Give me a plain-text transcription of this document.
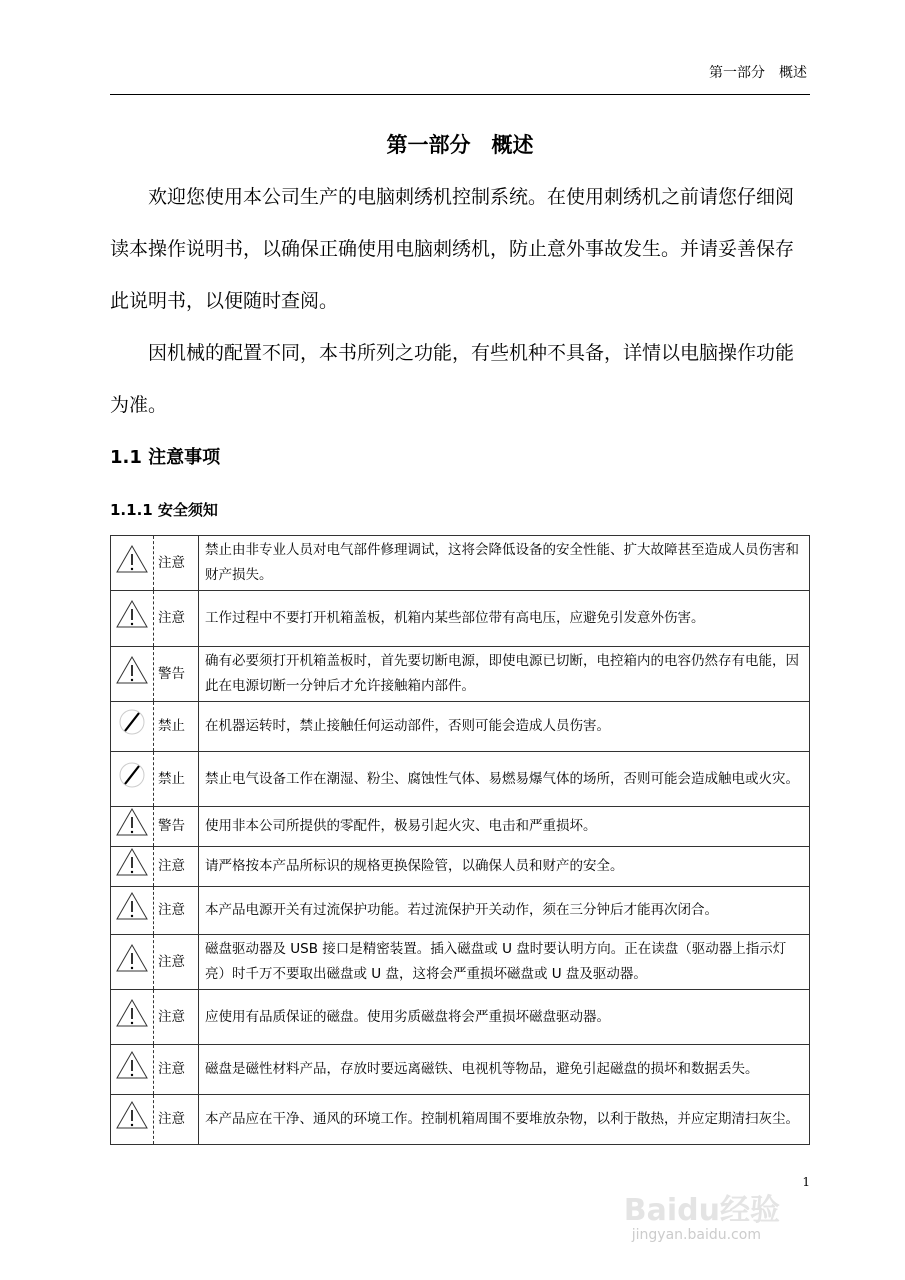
第一部分　概述
第一部分　概述

欢迎您使用本公司生产的电脑刺绣机控制系统。在使用刺绣机之前请您仔细阅读本操作说明书，以确保正确使用电脑刺绣机，防止意外事故发生。并请妥善保存此说明书，以便随时查阅。

因机械的配置不同，本书所列之功能，有些机种不具备，详情以电脑操作功能为准。

1.1 注意事项
1.1.1 安全须知
	注意	禁止由非专业人员对电气部件修理调试，这将会降低设备的安全性能、扩大故障甚至造成人员伤害和财产损失。
	注意	工作过程中不要打开机箱盖板，机箱内某些部位带有高电压，应避免引发意外伤害。
	警告	确有必要须打开机箱盖板时，首先要切断电源，即使电源已切断，电控箱内的电容仍然存有电能，因此在电源切断一分钟后才允许接触箱内部件。
	禁止	在机器运转时，禁止接触任何运动部件，否则可能会造成人员伤害。
	禁止	禁止电气设备工作在潮湿、粉尘、腐蚀性气体、易燃易爆气体的场所，否则可能会造成触电或火灾。
	警告	使用非本公司所提供的零配件，极易引起火灾、电击和严重损坏。
	注意	请严格按本产品所标识的规格更换保险管，以确保人员和财产的安全。
	注意	本产品电源开关有过流保护功能。若过流保护开关动作，须在三分钟后才能再次闭合。
	注意	磁盘驱动器及 USB 接口是精密装置。插入磁盘或 U 盘时要认明方向。正在读盘（驱动器上指示灯亮）时千万不要取出磁盘或 U 盘，这将会严重损坏磁盘或 U 盘及驱动器。
	注意	应使用有品质保证的磁盘。使用劣质磁盘将会严重损坏磁盘驱动器。
	注意	磁盘是磁性材料产品，存放时要远离磁铁、电视机等物品，避免引起磁盘的损坏和数据丢失。
	注意	本产品应在干净、通风的环境工作。控制机箱周围不要堆放杂物，以利于散热，并应定期清扫灰尘。
1
Baidu经验
jingyan.baidu.com
